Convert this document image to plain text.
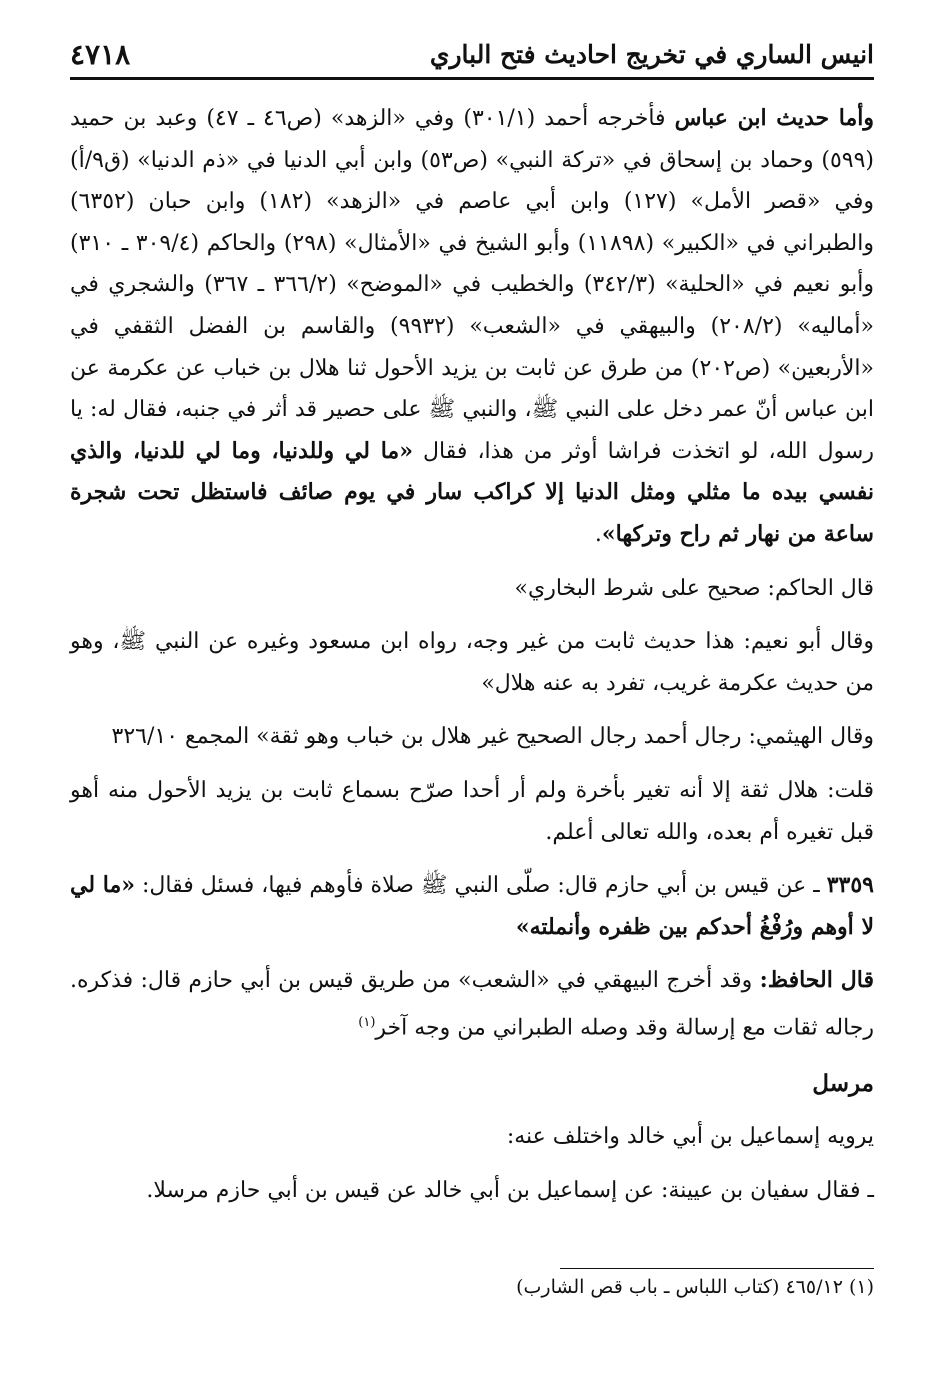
انيس الساري في تخريج احاديث فتح الباري
٤٧١٨

وأما حديث ابن عباس فأخرجه أحمد (٣٠١/١) وفي «الزهد» (ص٤٦ ـ ٤٧) وعبد بن حميد (٥٩٩) وحماد بن إسحاق في «تركة النبي» (ص٥٣) وابن أبي الدنيا في «ذم الدنيا» (ق٩/أ) وفي «قصر الأمل» (١٢٧) وابن أبي عاصم في «الزهد» (١٨٢) وابن حبان (٦٣٥٢) والطبراني في «الكبير» (١١٨٩٨) وأبو الشيخ في «الأمثال» (٢٩٨) والحاكم (٣٠٩/٤ ـ ٣١٠) وأبو نعيم في «الحلية» (٣٤٢/٣) والخطيب في «الموضح» (٣٦٦/٢ ـ ٣٦٧) والشجري في «أماليه» (٢٠٨/٢) والبيهقي في «الشعب» (٩٩٣٢) والقاسم بن الفضل الثقفي في «الأربعين» (ص٢٠٢) من طرق عن ثابت بن يزيد الأحول ثنا هلال بن خباب عن عكرمة عن ابن عباس أنّ عمر دخل على النبي ﷺ، والنبي ﷺ على حصير قد أثر في جنبه، فقال له: يا رسول الله، لو اتخذت فراشا أوثر من هذا، فقال «ما لي وللدنيا، وما لي للدنيا، والذي نفسي بيده ما مثلي ومثل الدنيا إلا كراكب سار في يوم صائف فاستظل تحت شجرة ساعة من نهار ثم راح وتركها».

قال الحاكم: صحيح على شرط البخاري»

وقال أبو نعيم: هذا حديث ثابت من غير وجه، رواه ابن مسعود وغيره عن النبي ﷺ، وهو من حديث عكرمة غريب، تفرد به عنه هلال»

وقال الهيثمي: رجال أحمد رجال الصحيح غير هلال بن خباب وهو ثقة» المجمع ٣٢٦/١٠

قلت: هلال ثقة إلا أنه تغير بأخرة ولم أر أحدا صرّح بسماع ثابت بن يزيد الأحول منه أهو قبل تغيره أم بعده، والله تعالى أعلم.

٣٣٥٩ ـ عن قيس بن أبي حازم قال: صلّى النبي ﷺ صلاة فأوهم فيها، فسئل فقال: «ما لي لا أوهم ورُفْغُ أحدكم بين ظفره وأنملته»

قال الحافظ: وقد أخرج البيهقي في «الشعب» من طريق قيس بن أبي حازم قال: فذكره. رجاله ثقات مع إرسالة وقد وصله الطبراني من وجه آخر$^{(١)}$

مرسل

يرويه إسماعيل بن أبي خالد واختلف عنه:

ـ فقال سفيان بن عيينة: عن إسماعيل بن أبي خالد عن قيس بن أبي حازم مرسلا.

(١) ٤٦٥/١٢ (كتاب اللباس ـ باب قص الشارب)
